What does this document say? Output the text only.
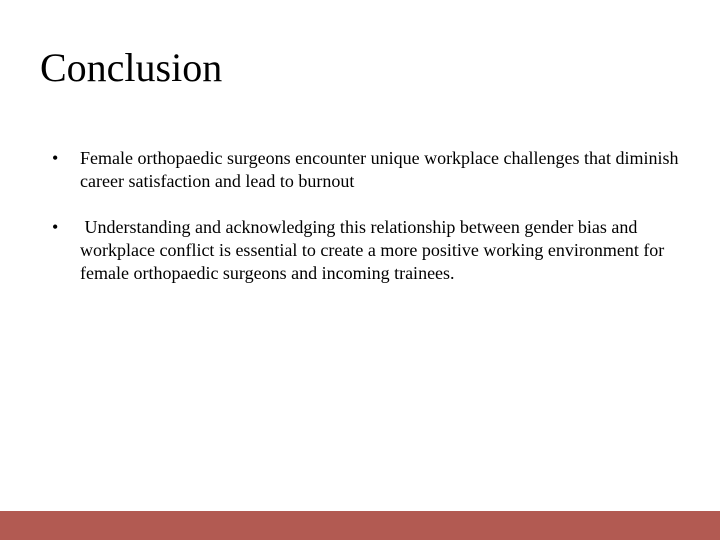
Conclusion
• Female orthopaedic surgeons encounter unique workplace challenges that diminish career satisfaction and lead to burnout
• Understanding and acknowledging this relationship between gender bias and workplace conflict is essential to create a more positive working environment for female orthopaedic surgeons and incoming trainees.
